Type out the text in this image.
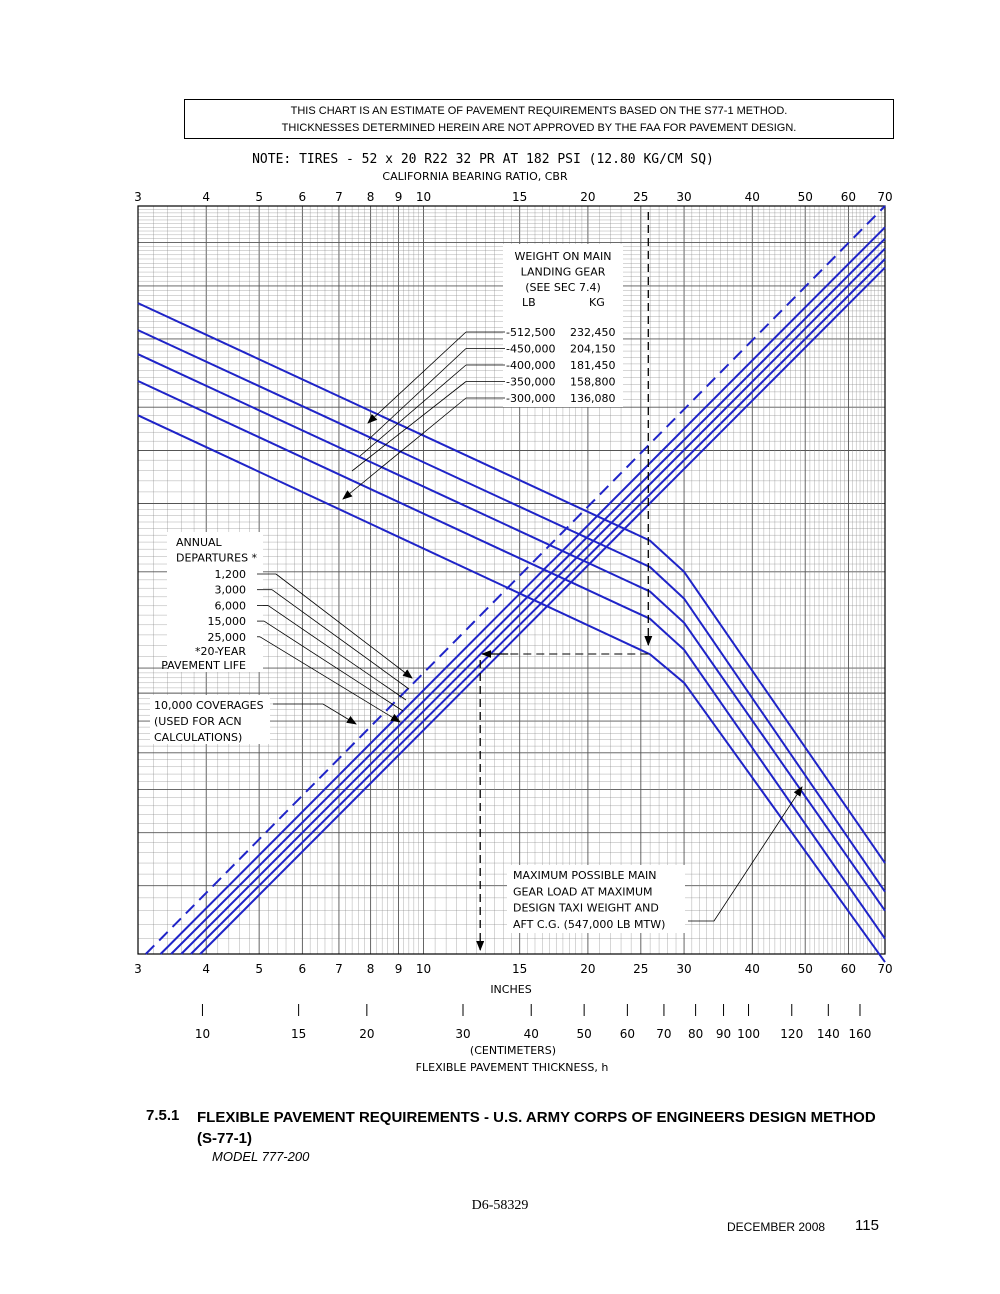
THIS CHART IS AN ESTIMATE OF PAVEMENT REQUIREMENTS BASED ON THE S77-1 METHOD.
THICKNESSES DETERMINED HEREIN ARE NOT APPROVED BY THE FAA FOR PAVEMENT DESIGN.
WEIGHT ON MAIN
LANDING GEAR
(SEE SEC 7.4)
LB	KG
-512,500 232,450
-450,000 204,150
-400,000 181,450
-350,000 158,800
-300,000 136,080
ANNUAL
DEPARTURES *
1,200
3,000
6,000
15,000
25,000
*20-YEAR
PAVEMENT LIFE
10,000 COVERAGES
(USED FOR ACN
CALCULATIONS)
MAXIMUM POSSIBLE MAIN
GEAR LOAD AT MAXIMUM
DESIGN TAXI WEIGHT AND
AFT C.G. (547,000 LB MTW)
3
3
4
4
5
5
6
6
7
7
8
8
9
9
10
10
15
15
20
20
25
25
30
30
40
40
50
50
60
60
70
70
10	15	20	30	40	50 60 70 80 90 100 120 140 160
NOTE: TIRES - 52 x 20 R22 32 PR AT 182 PSI (12.80 KG/CM SQ)
CALIFORNIA BEARING RATIO, CBR
INCHES
(CENTIMETERS)
FLEXIBLE PAVEMENT THICKNESS, h
7.5.1 FLEXIBLE PAVEMENT REQUIREMENTS - U.S. ARMY CORPS OF ENGINEERS DESIGN METHOD (S-77-1)
MODEL 777-200
D6-58329
DECEMBER 2008 115
